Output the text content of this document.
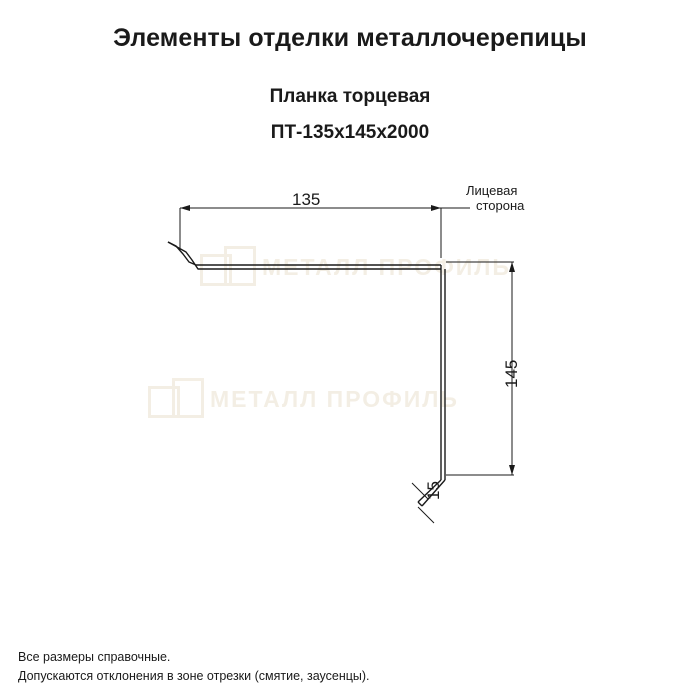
Элементы отделки металлочерепицы
Планка торцевая
ПТ-135х145х2000
МЕТАЛЛ ПРОФИЛЬ
МЕТАЛЛ ПРОФИЛЬ
135
145
15
Лицевая
сторона
Все размеры справочные.
Допускаются отклонения в зоне отрезки (смятие, заусенцы).
